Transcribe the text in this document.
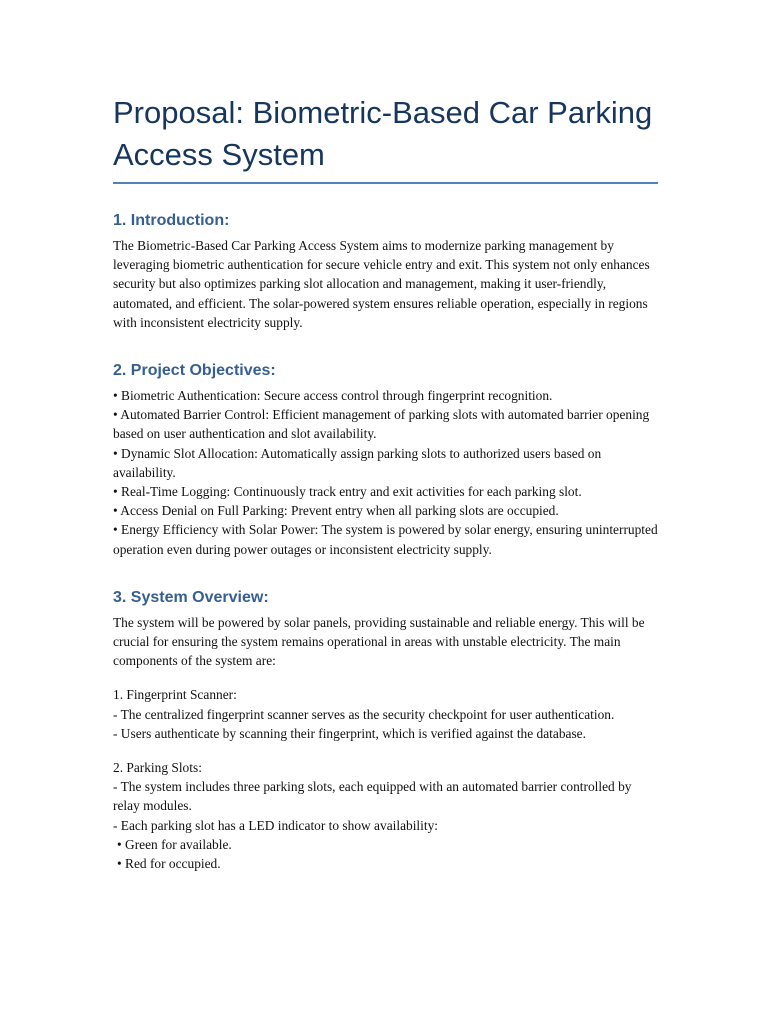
Proposal: Biometric-Based Car Parking Access System
1. Introduction:

The Biometric-Based Car Parking Access System aims to modernize parking management by leveraging biometric authentication for secure vehicle entry and exit. This system not only enhances security but also optimizes parking slot allocation and management, making it user-friendly, automated, and efficient. The solar-powered system ensures reliable operation, especially in regions with inconsistent electricity supply.

2. Project Objectives:

• Biometric Authentication: Secure access control through fingerprint recognition.

• Automated Barrier Control: Efficient management of parking slots with automated barrier opening based on user authentication and slot availability.

• Dynamic Slot Allocation: Automatically assign parking slots to authorized users based on availability.

• Real-Time Logging: Continuously track entry and exit activities for each parking slot.

• Access Denial on Full Parking: Prevent entry when all parking slots are occupied.

• Energy Efficiency with Solar Power: The system is powered by solar energy, ensuring uninterrupted operation even during power outages or inconsistent electricity supply.

3. System Overview:

The system will be powered by solar panels, providing sustainable and reliable energy. This will be crucial for ensuring the system remains operational in areas with unstable electricity. The main components of the system are:

1. Fingerprint Scanner:

- The centralized fingerprint scanner serves as the security checkpoint for user authentication.

- Users authenticate by scanning their fingerprint, which is verified against the database.

2. Parking Slots:

- The system includes three parking slots, each equipped with an automated barrier controlled by relay modules.

- Each parking slot has a LED indicator to show availability:

• Green for available.

• Red for occupied.
